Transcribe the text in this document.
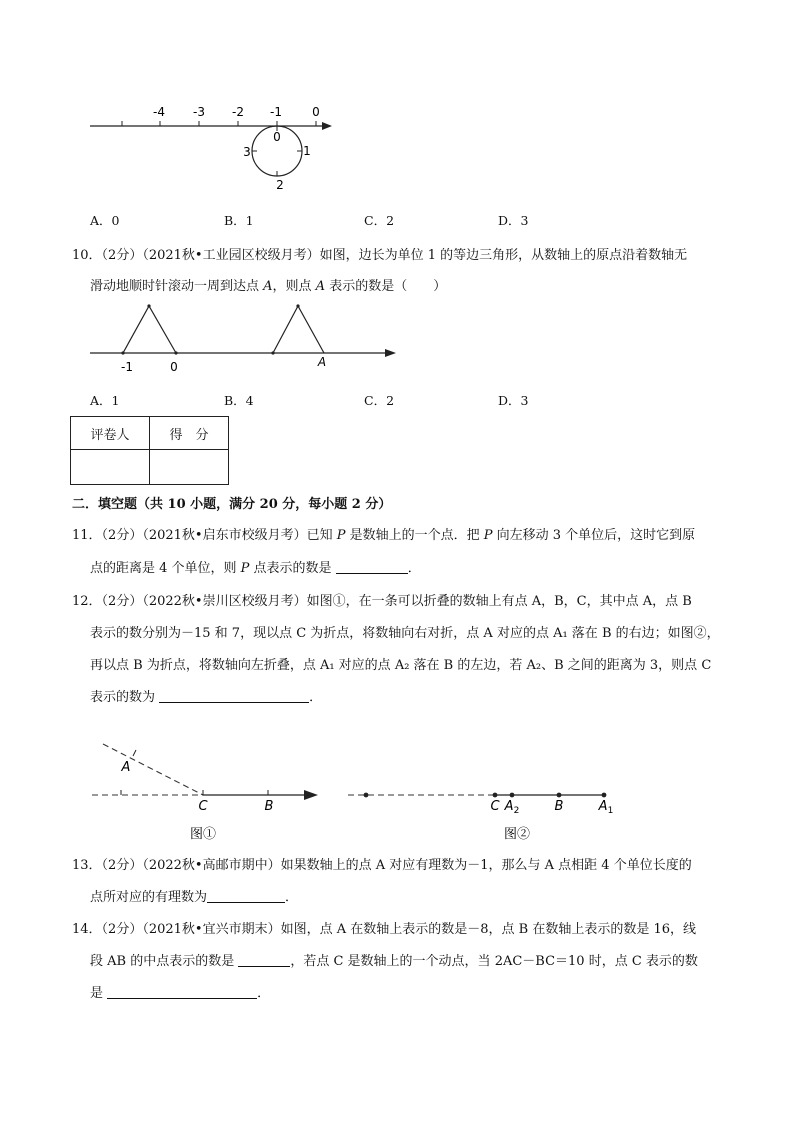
-4 -3 -2 -1	0
0
1
2
3
A．0	B．1	C．2	D．3
10．（2分）（2021秋•工业园区校级月考）如图，边长为单位 1 的等边三角形，从数轴上的原点沿着数轴无
滑动地顺时针滚动一周到达点 A，则点 A 表示的数是（　　）
-1	0	A
A．1	B．4	C．2	D．3
评卷人	得　分

二．填空题（共 10 小题，满分 20 分，每小题 2 分）
11．（2分）（2021秋•启东市校级月考）已知 P 是数轴上的一个点．把 P 向左移动 3 个单位后，这时它到原
点的距离是 4 个单位，则 P 点表示的数是	．
12．（2分）（2022秋•崇川区校级月考）如图①，在一条可以折叠的数轴上有点 A，B，C，其中点 A，点 B
表示的数分别为－15 和 7，现以点 C 为折点，将数轴向右对折，点 A 对应的点 A₁ 落在 B 的右边；如图②，
再以点 B 为折点，将数轴向左折叠，点 A₁ 对应的点 A₂ 落在 B 的左边，若 A₂、B 之间的距离为 3，则点 C
表示的数为	．
A
C	B
图①
C $A_2$	B	$A_1$
图②
13．（2分）（2022秋•高邮市期中）如果数轴上的点 A 对应有理数为－1，那么与 A 点相距 4 个单位长度的
点所对应的有理数为	．
14．（2分）（2021秋•宜兴市期末）如图，点 A 在数轴上表示的数是－8，点 B 在数轴上表示的数是 16，线
段 AB 的中点表示的数是	，若点 C 是数轴上的一个动点，当 2AC－BC＝10 时，点 C 表示的数
是	．
